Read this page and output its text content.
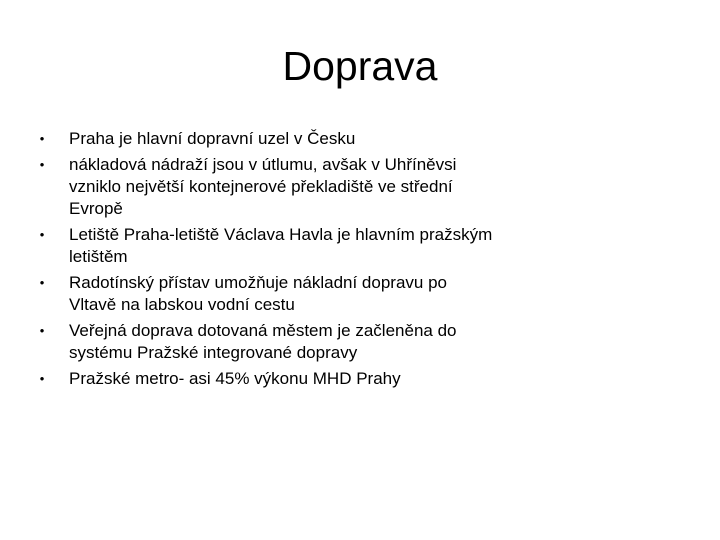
Doprava
• Praha je hlavní dopravní uzel v Česku
• nákladová nádraží jsou v útlumu, avšak v Uhříněvsi vzniklo největší kontejnerové překladiště ve střední Evropě
• Letiště Praha-letiště Václava Havla je hlavním pražským letištěm
• Radotínský přístav umožňuje nákladní dopravu po Vltavě na labskou vodní cestu
• Veřejná doprava dotovaná městem je začleněna do systému Pražské integrované dopravy
• Pražské metro- asi 45% výkonu MHD Prahy
